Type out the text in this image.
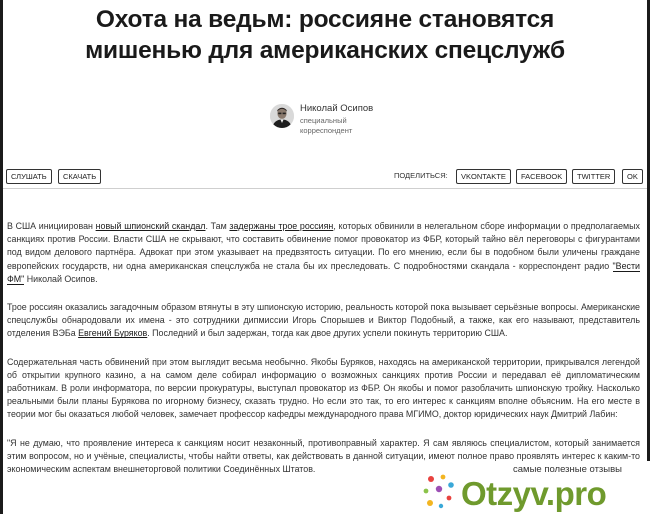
Охота на ведьм: россияне становятся мишенью для американских спецслужб
Николай Осипов
специальный корреспондент
СЛУШАТЬ	СКАЧАТЬ	ПОДЕЛИТЬСЯ:	VKONTAKTE	FACEBOOK	TWITTER	OK

В США инициирован новый шпионский скандал. Там задержаны трое россиян, которых обвинили в нелегальном сборе информации о предполагаемых санкциях против России. Власти США не скрывают, что составить обвинение помог провокатор из ФБР, который тайно вёл переговоры с фигурантами под видом делового партнёра. Адвокат при этом указывает на предвзятость ситуации. По его мнению, если бы в подобном были уличены граждане европейских государств, ни одна американская спецслужба не стала бы их преследовать. С подробностями скандала - корреспондент радио "Вести ФМ" Николай Осипов.

Трое россиян оказались загадочным образом втянуты в эту шпионскую историю, реальность которой пока вызывает серьёзные вопросы. Американские спецслужбы обнародовали их имена - это сотрудники дипмиссии Игорь Спорышев и Виктор Подобный, а также, как его называют, представитель отделения ВЭБа Евгений Буряков. Последний и был задержан, тогда как двое других успели покинуть территорию США.

Содержательная часть обвинений при этом выглядит весьма необычно. Якобы Буряков, находясь на американской территории, прикрывался легендой об открытии крупного казино, а на самом деле собирал информацию о возможных санкциях против России и передавал её дипломатическим работникам. В роли информатора, по версии прокуратуры, выступал провокатор из ФБР. Он якобы и помог разоблачить шпионскую тройку. Насколько реальными были планы Бурякова по игорному бизнесу, сказать трудно. Но если это так, то его интерес к санкциям вполне объясним. На его месте в теории мог бы оказаться любой человек, замечает профессор кафедры международного права МГИМО, доктор юридических наук Дмитрий Лабин:

"Я не думаю, что проявление интереса к санкциям носит незаконный, противоправный характер. Я сам являюсь специалистом, который занимается этим вопросом, но и учёные, специалисты, чтобы найти ответы, как действовать в данной ситуации, имеют полное право проявлять интерес к каким-то экономическим аспектам внешнеторговой политики Соединённых Штатов.	самые полезные отзывы
Otzyv.pro
